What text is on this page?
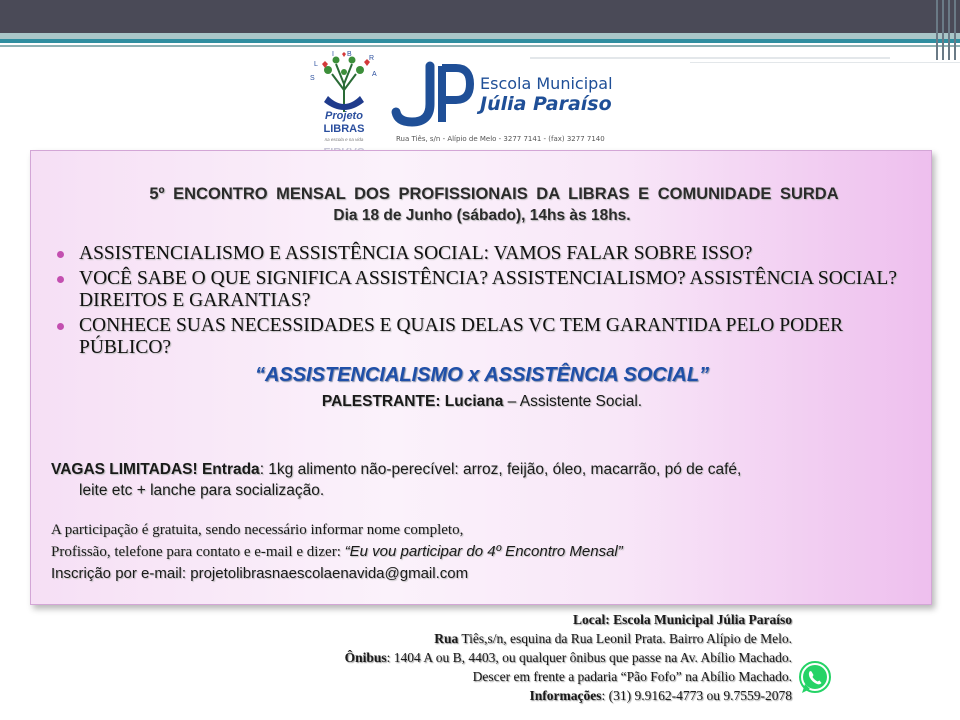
L
I B
R
A
S
Projeto
LIBRAS
na escola e na vida
JP
Escola Municipal
Júlia Paraíso
Rua Tiês, s/n - Alípio de Melo - 3277 7141 - (fax) 3277 7140
5º ENCONTRO MENSAL DOS PROFISSIONAIS DA LIBRAS E COMUNIDADE SURDA
Dia 18 de Junho (sábado), 14hs às 18hs.
ASSISTENCIALISMO E ASSISTÊNCIA SOCIAL: VAMOS FALAR SOBRE ISSO?
VOCÊ SABE O QUE SIGNIFICA ASSISTÊNCIA? ASSISTENCIALISMO? ASSISTÊNCIA SOCIAL? DIREITOS E GARANTIAS?
CONHECE SUAS NECESSIDADES E QUAIS DELAS VC TEM GARANTIDA PELO PODER PÚBLICO?
“ASSISTENCIALISMO x ASSISTÊNCIA SOCIAL”
PALESTRANTE: Luciana – Assistente Social.
VAGAS LIMITADAS! Entrada: 1kg alimento não-perecível: arroz, feijão, óleo, macarrão, pó de café,
leite etc + lanche para socialização.
A participação é gratuita, sendo necessário informar nome completo,
Profissão, telefone para contato e e-mail e dizer: “Eu vou participar do 4º Encontro Mensal”
Inscrição por e-mail: projetolibrasnaescolaenavida@gmail.com
Local: Escola Municipal Júlia Paraíso
Rua Tiês,s/n, esquina da Rua Leonil Prata. Bairro Alípio de Melo.
Ônibus: 1404 A ou B, 4403, ou qualquer ônibus que passe na Av. Abílio Machado.
Descer em frente a padaria “Pão Fofo” na Abílio Machado.
Informações: (31) 9.9162-4773 ou 9.7559-2078
